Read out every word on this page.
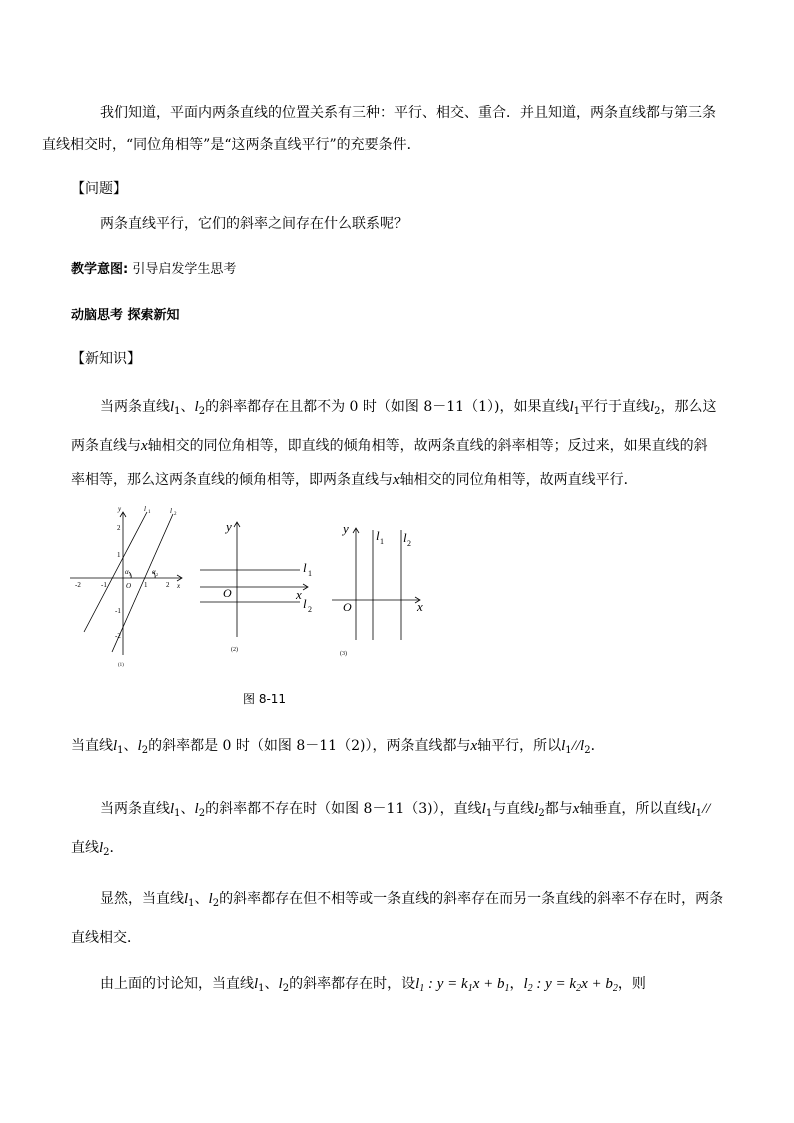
我们知道，平面内两条直线的位置关系有三种：平行、相交、重合．并且知道，两条直线都与第三条
直线相交时，“同位角相等”是“这两条直线平行”的充要条件．
【问题】
两条直线平行，它们的斜率之间存在什么联系呢？
教学意图: 引导启发学生思考
动脑思考 探索新知
【新知识】
当两条直线$l_1$、$l_2$的斜率都存在且都不为 0 时（如图 8－11（1）)，如果直线$l_1$平行于直线$l_2$，那么这
两条直线与x轴相交的同位角相等，即直线的倾角相等，故两条直线的斜率相等；反过来，如果直线的斜
率相等，那么这两条直线的倾角相等，即两条直线与x轴相交的同位角相等，故两直线平行．
y
x
O
l 1	l 2
-2	-1	1	2
2
1
-1
-2
α 1	α 2
(1)
y
x
O
l 1
l 2
(2)
y
x
O
l 1 l 2
(3)
图 8-11
当直线$l_1$、$l_2$的斜率都是 0 时（如图 8－11（2)），两条直线都与x轴平行，所以$l_1//l_2$．
当两条直线$l_1$、$l_2$的斜率都不存在时（如图 8－11（3)），直线$l_1$与直线$l_2$都与x轴垂直，所以直线$l_1//$
直线$l_2$．
显然，当直线$l_1$、$l_2$的斜率都存在但不相等或一条直线的斜率存在而另一条直线的斜率不存在时，两条
直线相交．
由上面的讨论知，当直线$l_1$、$l_2$的斜率都存在时，设$l_1$ : $y = k_1x + b_1$，$l_2$ : $y = k_2x + b_2$，则
